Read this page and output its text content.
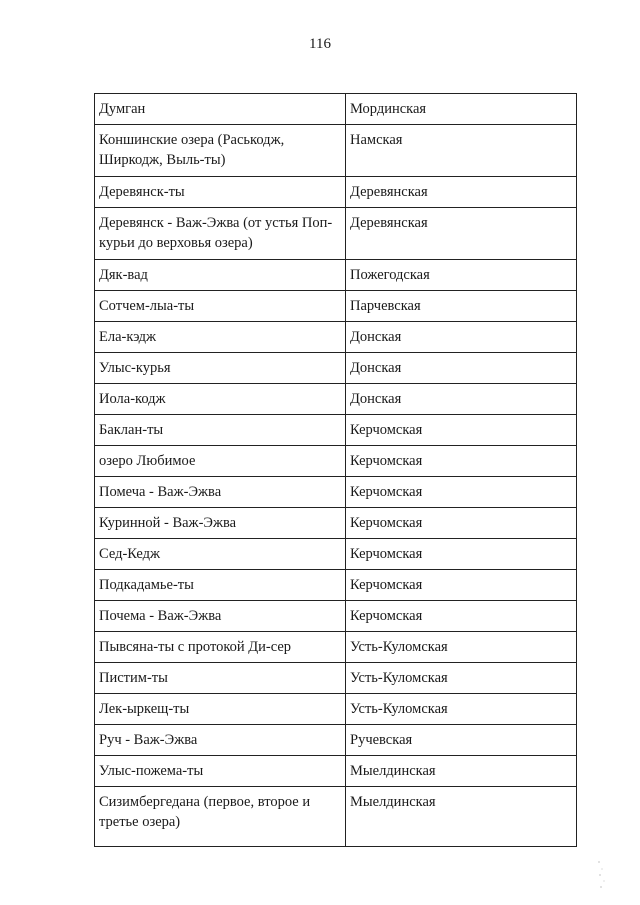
116
Думган	Мординская
Коншинские озера (Раськодж, Ширкодж, Выль-ты)	Намская
Деревянск-ты	Деревянская
Деревянск - Важ-Эжва (от устья Поп-курьи до верховья озера)	Деревянская
Дяк-вад	Пожегодская
Сотчем-лыа-ты	Парчевская
Ела-кэдж	Донская
Улыс-курья	Донская
Иола-кодж	Донская
Баклан-ты	Керчомская
озеро Любимое	Керчомская
Помеча - Важ-Эжва	Керчомская
Куринной - Важ-Эжва	Керчомская
Сед-Кедж	Керчомская
Подкадамье-ты	Керчомская
Почема - Важ-Эжва	Керчомская
Пывсяна-ты с протокой Ди-сер	Усть-Куломская
Пистим-ты	Усть-Куломская
Лек-ыркещ-ты	Усть-Куломская
Руч - Важ-Эжва	Ручевская
Улыс-пожема-ты	Мыелдинская
Сизимбергедана (первое, второе и третье озера)	Мыелдинская
